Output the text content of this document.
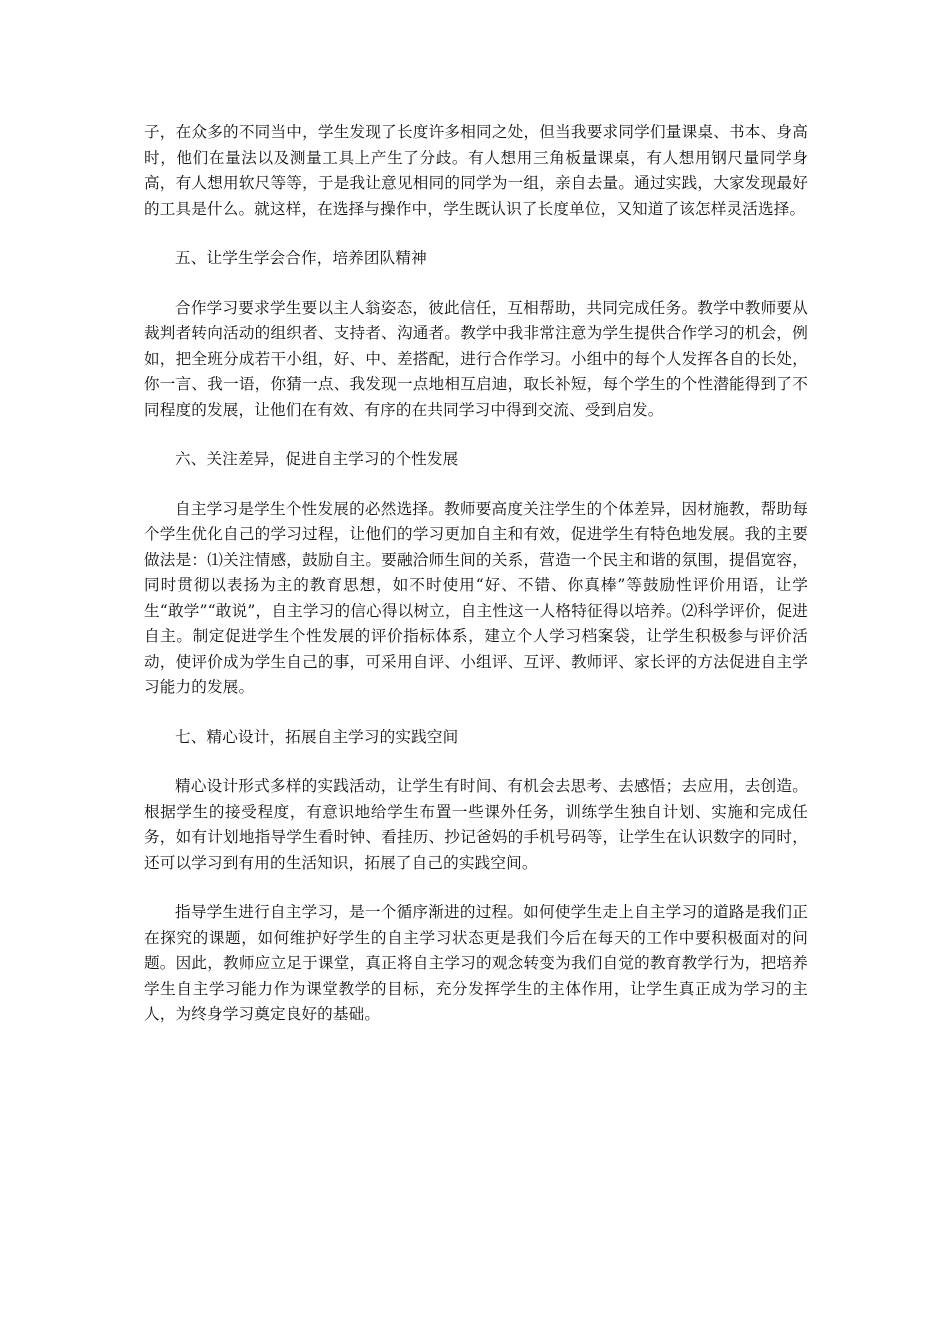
子，在众多的不同当中，学生发现了长度许多相同之处，但当我要求同学们量课桌、书本、身高时，他们在量法以及测量工具上产生了分歧。有人想用三角板量课桌，有人想用钢尺量同学身高，有人想用软尺等等，于是我让意见相同的同学为一组，亲自去量。通过实践，大家发现最好的工具是什么。就这样，在选择与操作中，学生既认识了长度单位，又知道了该怎样灵活选择。

五、让学生学会合作，培养团队精神

合作学习要求学生要以主人翁姿态，彼此信任，互相帮助，共同完成任务。教学中教师要从裁判者转向活动的组织者、支持者、沟通者。教学中我非常注意为学生提供合作学习的机会，例如，把全班分成若干小组，好、中、差搭配，进行合作学习。小组中的每个人发挥各自的长处，你一言、我一语，你猜一点、我发现一点地相互启迪，取长补短，每个学生的个性潜能得到了不同程度的发展，让他们在有效、有序的在共同学习中得到交流、受到启发。

六、关注差异，促进自主学习的个性发展

自主学习是学生个性发展的必然选择。教师要高度关注学生的个体差异，因材施教，帮助每个学生优化自己的学习过程，让他们的学习更加自主和有效，促进学生有特色地发展。我的主要做法是：⑴关注情感，鼓励自主。要融洽师生间的关系，营造一个民主和谐的氛围，提倡宽容，同时贯彻以表扬为主的教育思想，如不时使用“好、不错、你真棒”等鼓励性评价用语，让学生“敢学”“敢说”，自主学习的信心得以树立，自主性这一人格特征得以培养。⑵科学评价，促进自主。制定促进学生个性发展的评价指标体系，建立个人学习档案袋，让学生积极参与评价活动，使评价成为学生自己的事，可采用自评、小组评、互评、教师评、家长评的方法促进自主学习能力的发展。

七、精心设计，拓展自主学习的实践空间

精心设计形式多样的实践活动，让学生有时间、有机会去思考、去感悟；去应用，去创造。根据学生的接受程度，有意识地给学生布置一些课外任务，训练学生独自计划、实施和完成任务，如有计划地指导学生看时钟、看挂历、抄记爸妈的手机号码等，让学生在认识数字的同时，还可以学习到有用的生活知识，拓展了自己的实践空间。

指导学生进行自主学习，是一个循序渐进的过程。如何使学生走上自主学习的道路是我们正在探究的课题，如何维护好学生的自主学习状态更是我们今后在每天的工作中要积极面对的问题。因此，教师应立足于课堂，真正将自主学习的观念转变为我们自觉的教育教学行为，把培养学生自主学习能力作为课堂教学的目标，充分发挥学生的主体作用，让学生真正成为学习的主人，为终身学习奠定良好的基础。
